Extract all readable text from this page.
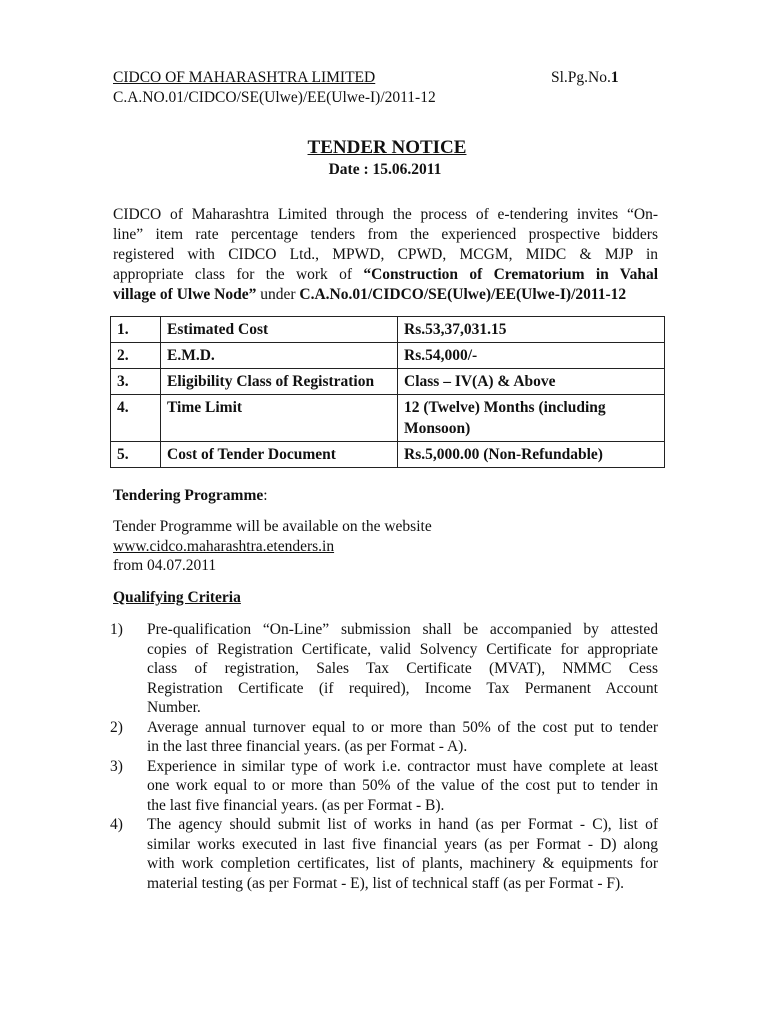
CIDCO OF MAHARASHTRA LIMITED	Sl.Pg.No.1
C.A.NO.01/CIDCO/SE(Ulwe)/EE(Ulwe-I)/2011-12
TENDER NOTICE
Date : 15.06.2011
CIDCO of Maharashtra Limited through the process of e-tendering invites “On-
line” item rate percentage tenders from the experienced prospective bidders
registered with CIDCO Ltd., MPWD, CPWD, MCGM, MIDC & MJP in
appropriate class for the work of “Construction of Crematorium in Vahal
village of Ulwe Node” under C.A.No.01/CIDCO/SE(Ulwe)/EE(Ulwe-I)/2011-12
1.	Estimated Cost	Rs.53,37,031.15
2.	E.M.D.	Rs.54,000/-
3.	Eligibility Class of Registration	Class – IV(A) & Above
4.	Time Limit	12 (Twelve) Months (including Monsoon)
5.	Cost of Tender Document	Rs.5,000.00 (Non-Refundable)
Tendering Programme:
Tender Programme will be available on the website
www.cidco.maharashtra.etenders.in
from 04.07.2011
Qualifying Criteria
1) Pre-qualification “On-Line” submission shall be accompanied by attested
copies of Registration Certificate, valid Solvency Certificate for appropriate
class of registration, Sales Tax Certificate (MVAT), NMMC Cess
Registration Certificate (if required), Income Tax Permanent Account
Number.
2) Average annual turnover equal to or more than 50% of the cost put to tender
in the last three financial years. (as per Format - A).
3) Experience in similar type of work i.e. contractor must have complete at least
one work equal to or more than 50% of the value of the cost put to tender in
the last five financial years. (as per Format - B).
4) The agency should submit list of works in hand (as per Format - C), list of
similar works executed in last five financial years (as per Format - D) along
with work completion certificates, list of plants, machinery & equipments for
material testing (as per Format - E), list of technical staff (as per Format - F).
